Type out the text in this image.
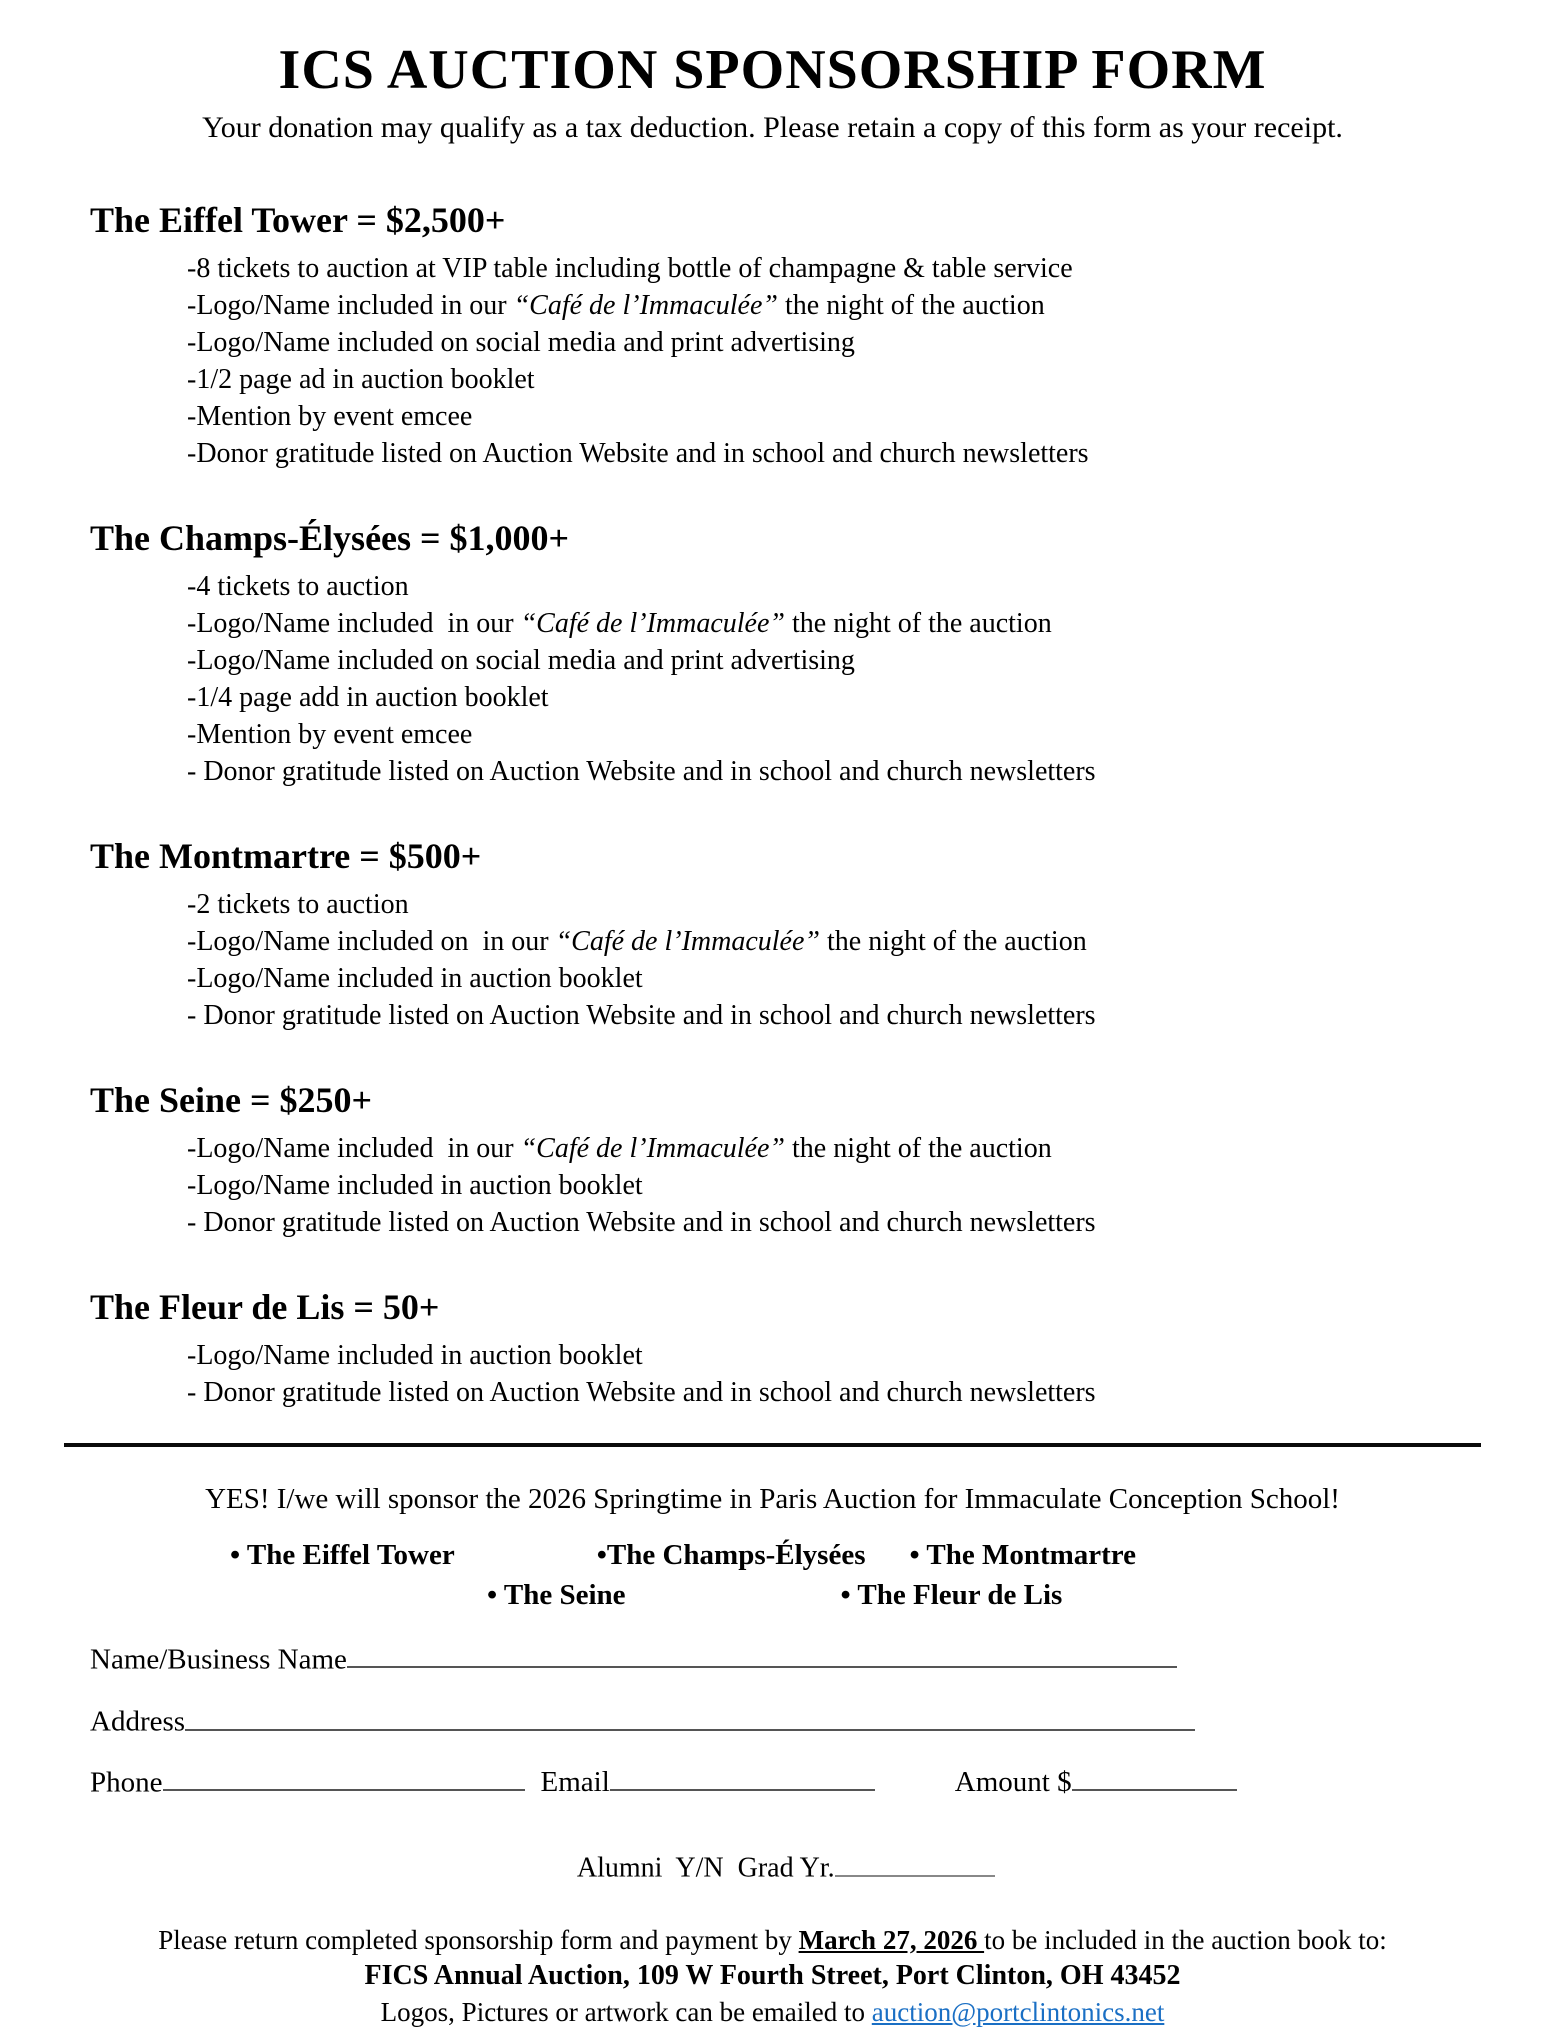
ICS AUCTION SPONSORSHIP FORM
Your donation may qualify as a tax deduction. Please retain a copy of this form as your receipt.
The Eiffel Tower = $2,500+
-8 tickets to auction at VIP table including bottle of champagne & table service
-Logo/Name included in our “Café de l’Immaculée” the night of the auction
-Logo/Name included on social media and print advertising
-1/2 page ad in auction booklet
-Mention by event emcee
-Donor gratitude listed on Auction Website and in school and church newsletters
The Champs-Élysées = $1,000+
-4 tickets to auction
-Logo/Name included  in our “Café de l’Immaculée” the night of the auction
-Logo/Name included on social media and print advertising
-1/4 page add in auction booklet
-Mention by event emcee
- Donor gratitude listed on Auction Website and in school and church newsletters
The Montmartre = $500+
-2 tickets to auction
-Logo/Name included on  in our “Café de l’Immaculée” the night of the auction
-Logo/Name included in auction booklet
- Donor gratitude listed on Auction Website and in school and church newsletters
The Seine = $250+
-Logo/Name included  in our “Café de l’Immaculée” the night of the auction
-Logo/Name included in auction booklet
- Donor gratitude listed on Auction Website and in school and church newsletters
The Fleur de Lis = 50+
-Logo/Name included in auction booklet
- Donor gratitude listed on Auction Website and in school and church newsletters
YES! I/we will sponsor the 2026 Springtime in Paris Auction for Immaculate Conception School!
• The Eiffel Tower	•The Champs-Élysées • The Montmartre
• The Seine	• The Fleur de Lis
Name/Business Name
Address
Phone	Email	Amount $

Alumni  Y/N  Grad Yr.

Please return completed sponsorship form and payment by March 27, 2026 to be included in the auction book to:
FICS Annual Auction, 109 W Fourth Street, Port Clinton, OH 43452
Logos, Pictures or artwork can be emailed to auction@portclintonics.net
